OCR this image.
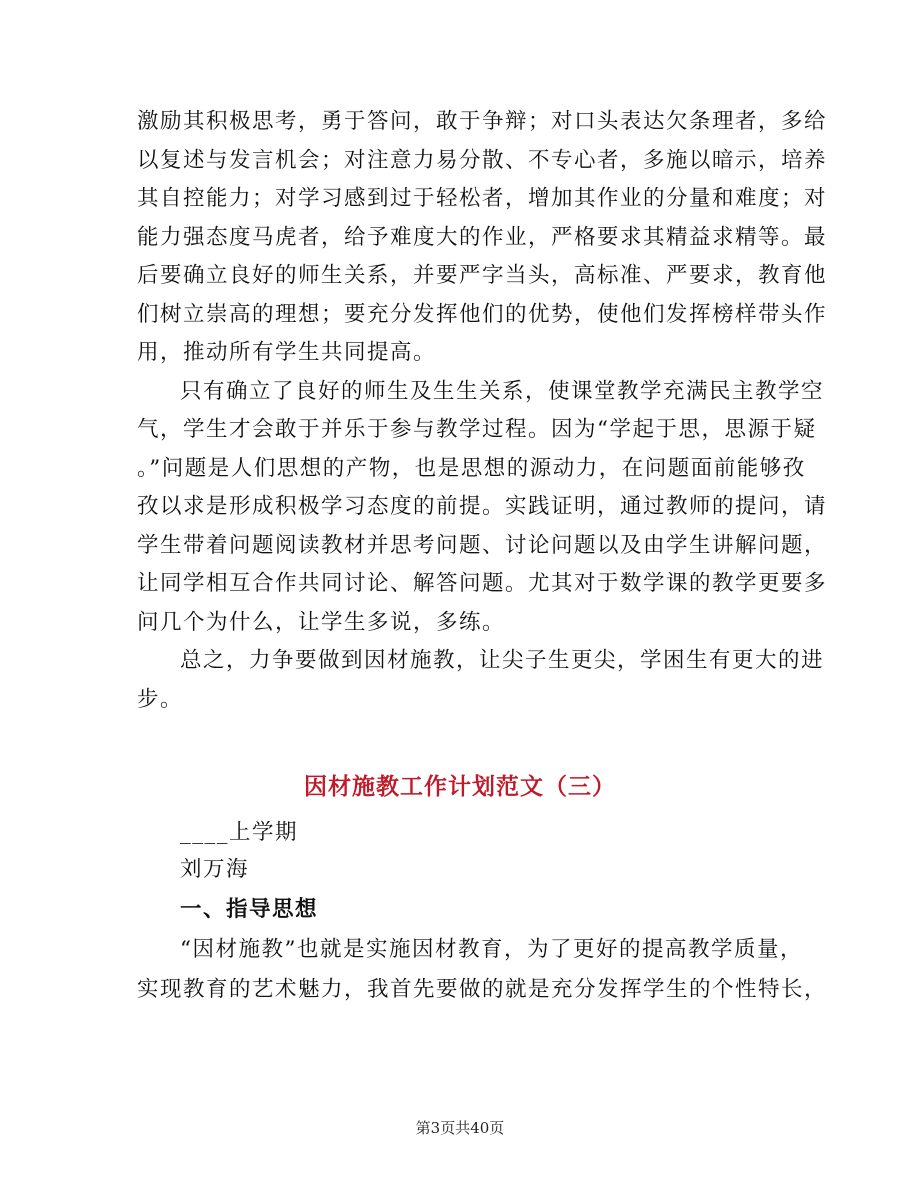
激励其积极思考，勇于答问，敢于争辩；对口头表达欠条理者，多给
以复述与发言机会；对注意力易分散、不专心者，多施以暗示，培养
其自控能力；对学习感到过于轻松者，增加其作业的分量和难度；对
能力强态度马虎者，给予难度大的作业，严格要求其精益求精等。最
后要确立良好的师生关系，并要严字当头，高标准、严要求，教育他
们树立崇高的理想；要充分发挥他们的优势，使他们发挥榜样带头作
用，推动所有学生共同提高。
只有确立了良好的师生及生生关系，使课堂教学充满民主教学空
气，学生才会敢于并乐于参与教学过程。因为“学起于思，思源于疑
。”问题是人们思想的产物，也是思想的源动力，在问题面前能够孜
孜以求是形成积极学习态度的前提。实践证明，通过教师的提问，请
学生带着问题阅读教材并思考问题、讨论问题以及由学生讲解问题，
让同学相互合作共同讨论、解答问题。尤其对于数学课的教学更要多
问几个为什么，让学生多说，多练。
总之，力争要做到因材施教，让尖子生更尖，学困生有更大的进
步。
因材施教工作计划范文（三）
____上学期
刘万海
一、指导思想
“因材施教”也就是实施因材教育，为了更好的提高教学质量，
实现教育的艺术魅力，我首先要做的就是充分发挥学生的个性特长，
第3页共40页
